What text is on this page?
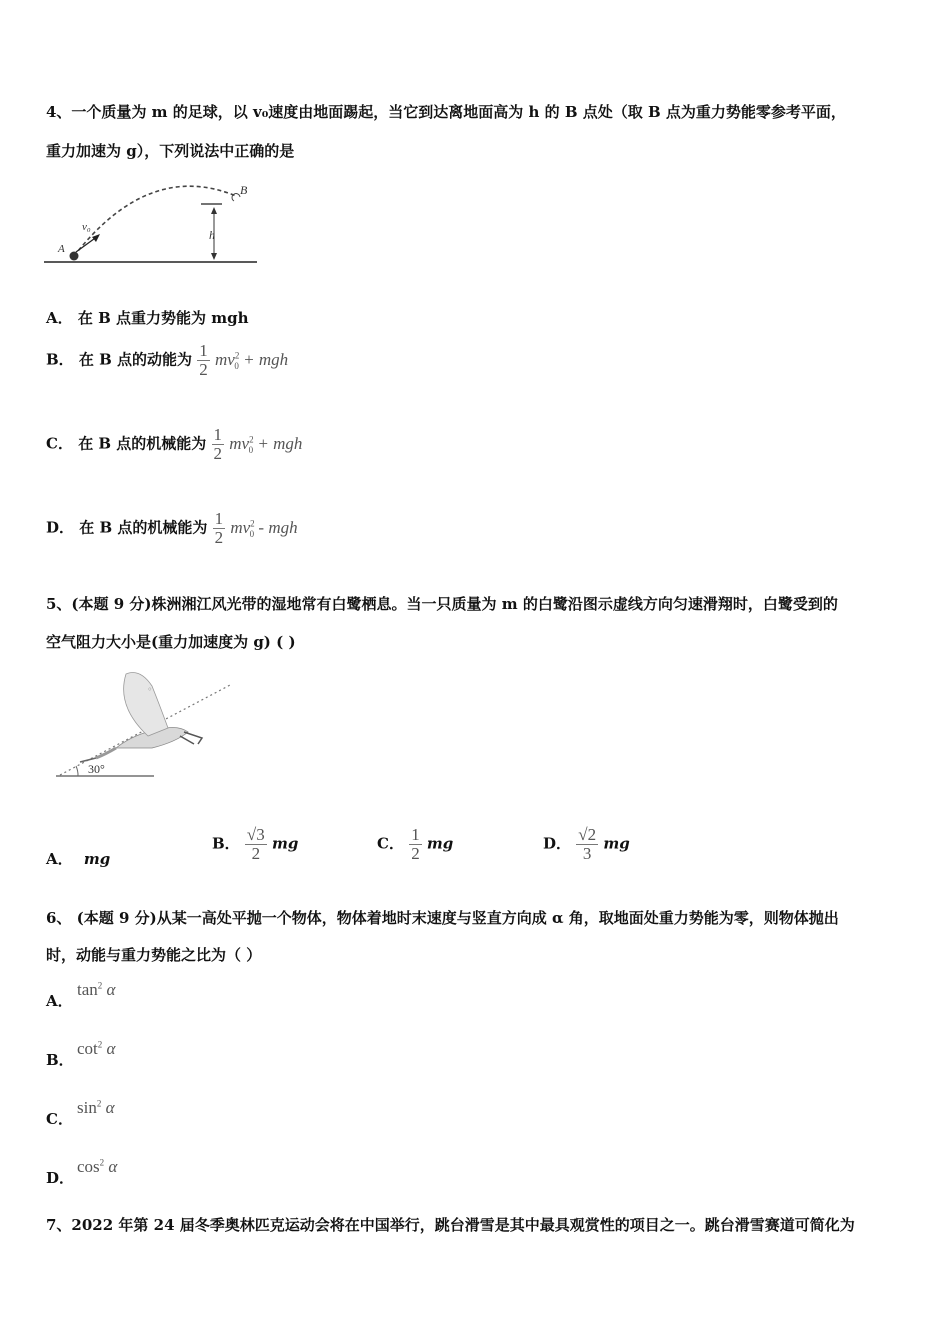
4、一个质量为 m 的足球，以 v₀速度由地面踢起，当它到达离地面高为 h 的 B 点处（取 B 点为重力势能零参考平面，
重力加速为 g），下列说法中正确的是
A
B
v₀
h
A． 在 B 点重力势能为 mgh
B． 在 B 点的动能为 $\frac{1}{2} mv^2_0$ + mgh
C． 在 B 点的机械能为 $\frac{1}{2} mv^2_0$ + mgh
D． 在 B 点的机械能为 $\frac{1}{2} mv^2_0$ - mgh
5、(本题 9 分)株洲湘江风光带的湿地常有白鹭栖息。当一只质量为 m 的白鹭沿图示虚线方向匀速滑翔时，白鹭受到的
空气阻力大小是(重力加速度为 g) ( )
30°
°
A． mg
B． $\frac{√3}{2}$ mg	C． $\frac{1}{2}$ mg	D． $\frac{√2}{3}$ mg
6、 (本题 9 分)从某一高处平抛一个物体，物体着地时末速度与竖直方向成 α 角，取地面处重力势能为零，则物体抛出
时，动能与重力势能之比为（ ）
A．
$\tan^2 \alpha$
B．
$\cot^2 \alpha$
C．
$\sin^2 \alpha$
D．
$\cos^2 \alpha$
7、2022 年第 24 届冬季奥林匹克运动会将在中国举行，跳台滑雪是其中最具观赏性的项目之一。跳台滑雪赛道可简化为
